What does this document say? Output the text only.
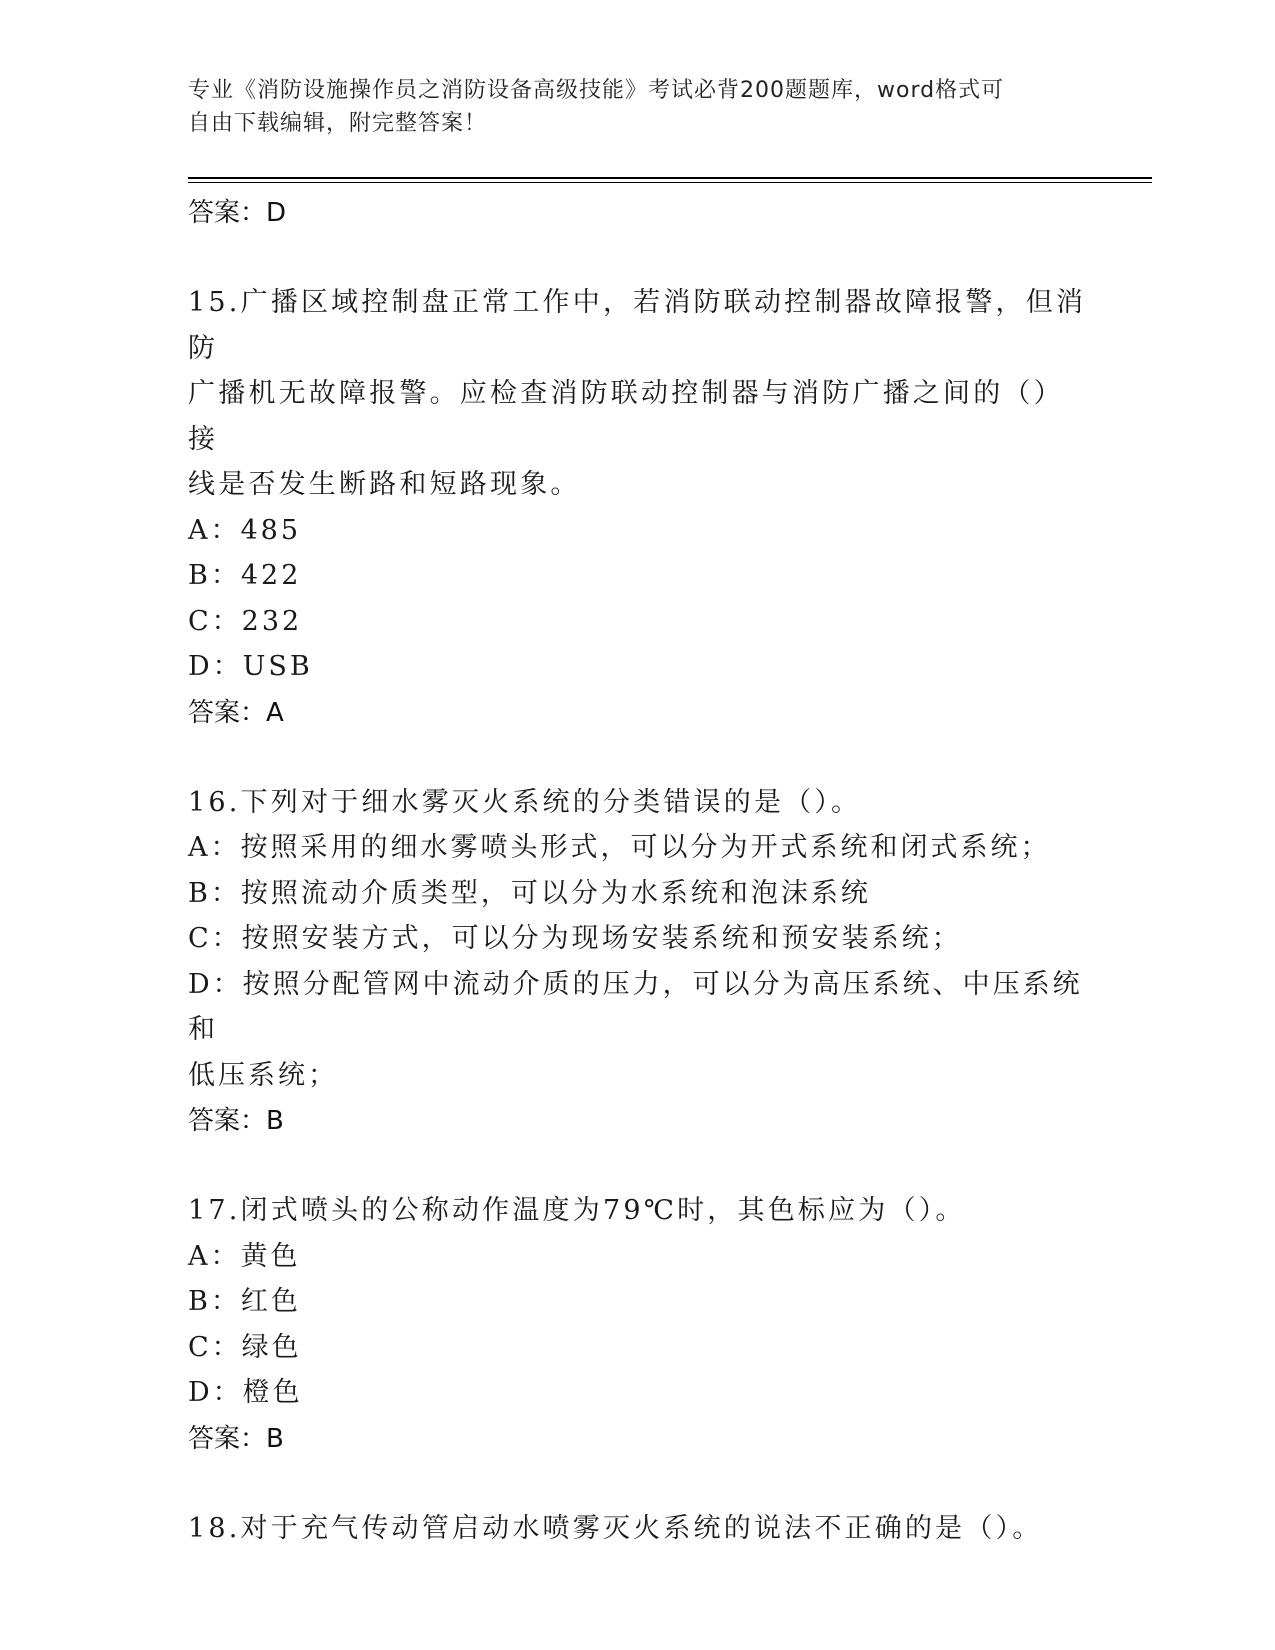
专业《消防设施操作员之消防设备高级技能》考试必背200题题库，word格式可
自由下载编辑，附完整答案！

答案：D

15.广播区域控制盘正常工作中，若消防联动控制器故障报警，但消防

广播机无故障报警。应检查消防联动控制器与消防广播之间的（）接

线是否发生断路和短路现象。

A：485

B：422

C：232

D：USB

答案：A

16.下列对于细水雾灭火系统的分类错误的是（）。

A：按照采用的细水雾喷头形式，可以分为开式系统和闭式系统；

B：按照流动介质类型，可以分为水系统和泡沫系统

C：按照安装方式，可以分为现场安装系统和预安装系统；

D：按照分配管网中流动介质的压力，可以分为高压系统、中压系统和

低压系统；

答案：B

17.闭式喷头的公称动作温度为79℃时，其色标应为（）。

A：黄色

B：红色

C：绿色

D：橙色

答案：B

18.对于充气传动管启动水喷雾灭火系统的说法不正确的是（）。
